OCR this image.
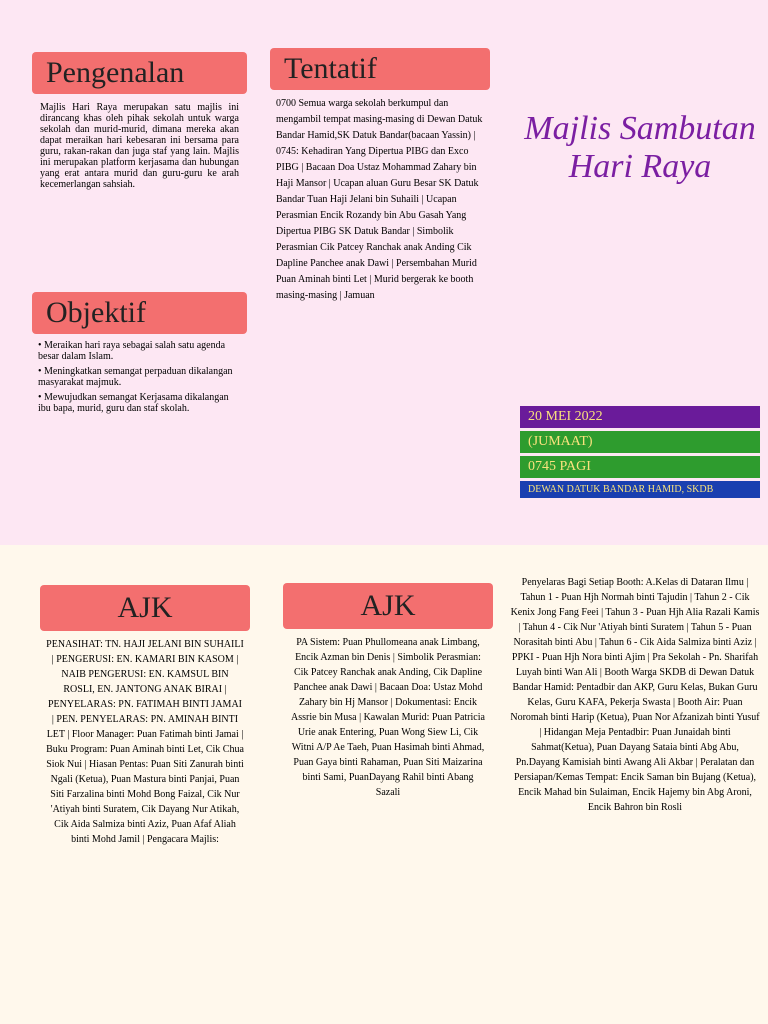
Pengenalan
Majlis Hari Raya merupakan satu majlis ini dirancang khas oleh pihak sekolah untuk warga sekolah dan murid-murid, dimana mereka akan dapat meraikan hari kebesaran ini bersama para guru, rakan-rakan dan juga staf yang lain. Majlis ini merupakan platform kerjasama dan hubungan yang erat antara murid dan guru-guru ke arah kecemerlangan sahsiah.
Objektif
• Meraikan hari raya sebagai salah satu agenda besar dalam Islam.
• Meningkatkan semangat perpaduan dikalangan masyarakat majmuk.
• Mewujudkan semangat Kerjasama dikalangan ibu bapa, murid, guru dan staf skolah.
Tentatif
0700 Semua warga sekolah berkumpul dan mengambil tempat masing-masing di Dewan Datuk Bandar Hamid,SK Datuk Bandar(bacaan Yassin) | 0745: Kehadiran Yang Dipertua PIBG dan Exco PIBG | Bacaan Doa Ustaz Mohammad Zahary bin Haji Mansor | Ucapan aluan Guru Besar SK Datuk Bandar Tuan Haji Jelani bin Suhaili | Ucapan Perasmian Encik Rozandy bin Abu Gasah Yang Dipertua PIBG SK Datuk Bandar | Simbolik Perasmian Cik Patcey Ranchak anak Anding Cik Dapline Panchee anak Dawi | Persembahan Murid Puan Aminah binti Let | Murid bergerak ke booth masing-masing | Jamuan
Majlis Sambutan Hari Raya
20 MEI 2022
(JUMAAT)
0745 PAGI
DEWAN DATUK BANDAR HAMID, SKDB
AJK
PENASIHAT: TN. HAJI JELANI BIN SUHAILI | PENGERUSI: EN. KAMARI BIN KASOM | NAIB PENGERUSI: EN. KAMSUL BIN ROSLI, EN. JANTONG ANAK BIRAI | PENYELARAS: PN. FATIMAH BINTI JAMAI | PEN. PENYELARAS: PN. AMINAH BINTI LET | Floor Manager: Puan Fatimah binti Jamai | Buku Program: Puan Aminah binti Let, Cik Chua Siok Nui | Hiasan Pentas: Puan Siti Zanurah binti Ngali (Ketua), Puan Mastura binti Panjai, Puan Siti Farzalina binti Mohd Bong Faizal, Cik Nur 'Atiyah binti Suratem, Cik Dayang Nur Atikah, Cik Aida Salmiza binti Aziz, Puan Afaf Aliah binti Mohd Jamil | Pengacara Majlis:
AJK
PA Sistem: Puan Phullomeana anak Limbang, Encik Azman bin Denis | Simbolik Perasmian: Cik Patcey Ranchak anak Anding, Cik Dapline Panchee anak Dawi | Bacaan Doa: Ustaz Mohd Zahary bin Hj Mansor | Dokumentasi: Encik Assrie bin Musa | Kawalan Murid: Puan Patricia Urie anak Entering, Puan Wong Siew Li, Cik Witni A/P Ae Taeh, Puan Hasimah binti Ahmad, Puan Gaya binti Rahaman, Puan Siti Maizarina binti Sami, PuanDayang Rahil binti Abang Sazali
Penyelaras Bagi Setiap Booth: A.Kelas di Dataran Ilmu | Tahun 1 - Puan Hjh Normah binti Tajudin | Tahun 2 - Cik Kenix Jong Fang Feei | Tahun 3 - Puan Hjh Alia Razali Kamis | Tahun 4 - Cik Nur 'Atiyah binti Suratem | Tahun 5 - Puan Norasitah binti Abu | Tahun 6 - Cik Aida Salmiza binti Aziz | PPKI - Puan Hjh Nora binti Ajim | Pra Sekolah - Pn. Sharifah Luyah binti Wan Ali | Booth Warga SKDB di Dewan Datuk Bandar Hamid: Pentadbir dan AKP, Guru Kelas, Bukan Guru Kelas, Guru KAFA, Pekerja Swasta | Booth Air: Puan Noromah binti Harip (Ketua), Puan Nor Afzanizah binti Yusuf | Hidangan Meja Pentadbir: Puan Junaidah binti Sahmat(Ketua), Puan Dayang Sataia binti Abg Abu, Pn.Dayang Kamisiah binti Awang Ali Akbar | Peralatan dan Persiapan/Kemas Tempat: Encik Saman bin Bujang (Ketua), Encik Mahad bin Sulaiman, Encik Hajemy bin Abg Aroni, Encik Bahron bin Rosli
